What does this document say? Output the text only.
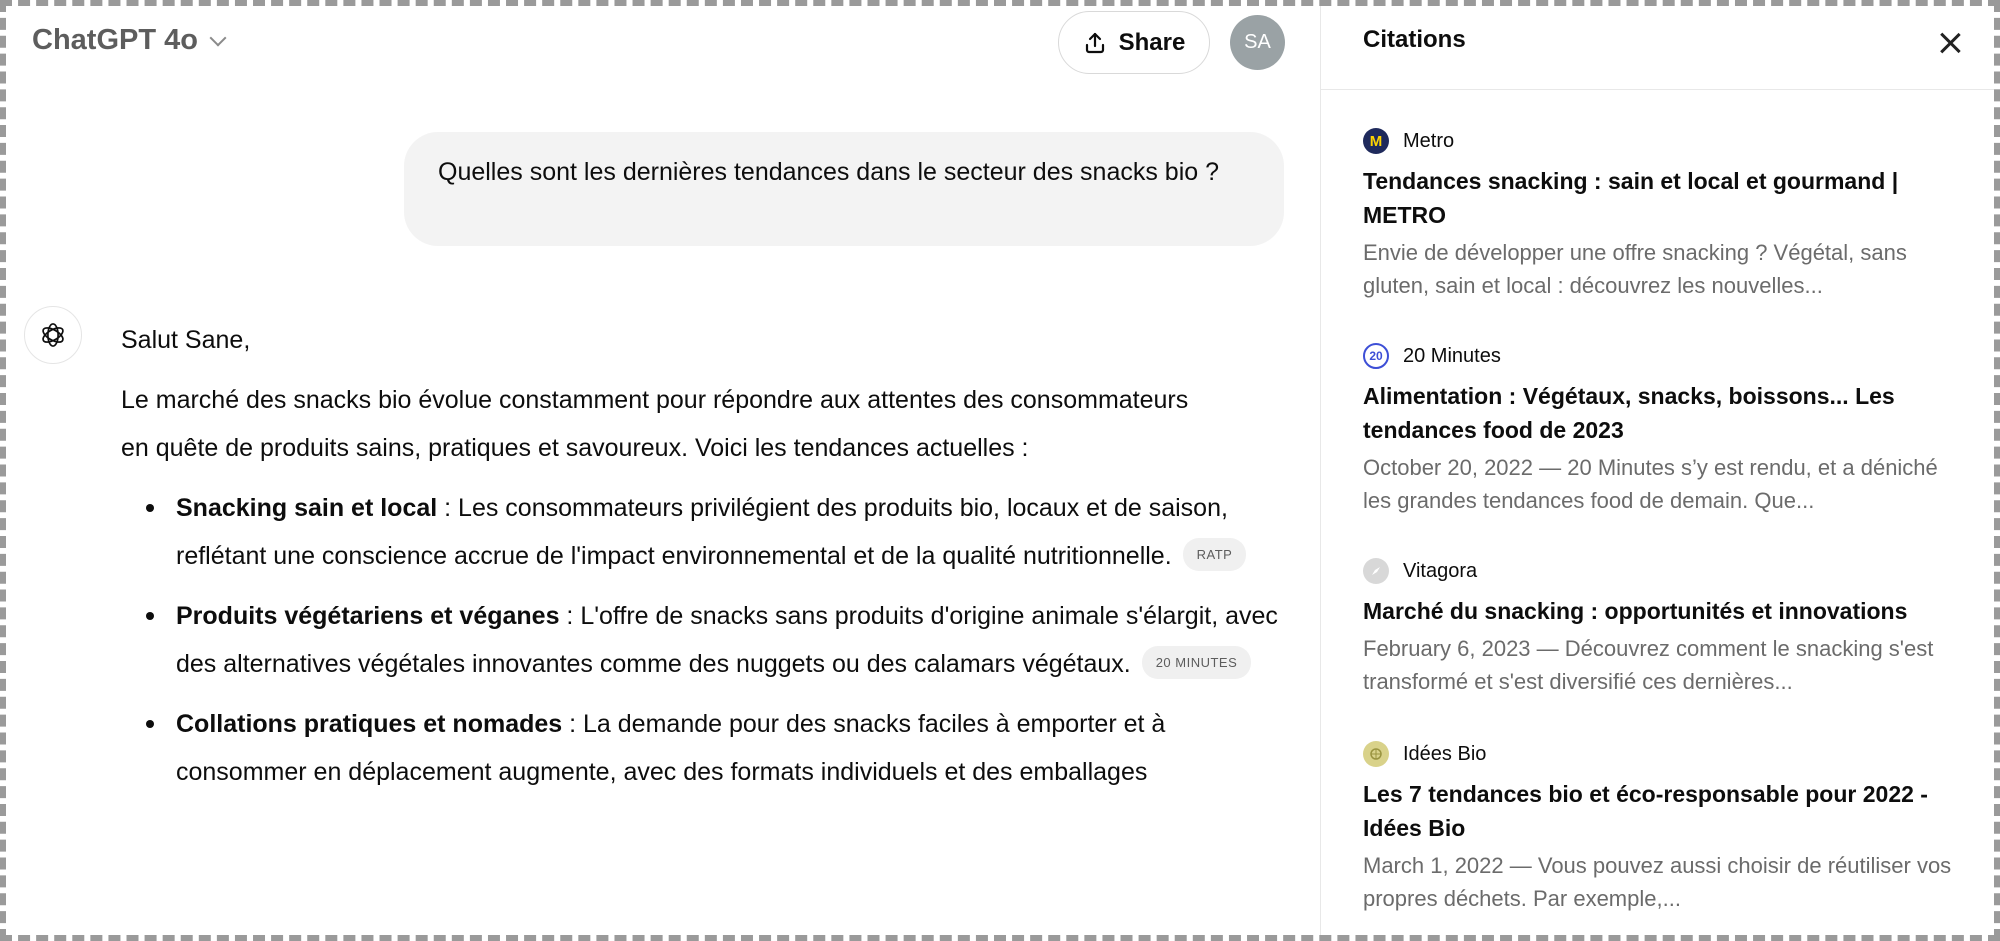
ChatGPT 4o	Share	SA
Quelles sont les dernières tendances dans le secteur des snacks bio ?

Salut Sane,

Le marché des snacks bio évolue constamment pour répondre aux attentes des consommateurs en quête de produits sains, pratiques et savoureux. Voici les tendances actuelles :

Snacking sain et local : Les consommateurs privilégient des produits bio, locaux et de saison, reflétant une conscience accrue de l'impact environnemental et de la qualité nutritionnelle. RATP
Produits végétariens et véganes : L'offre de snacks sans produits d'origine animale s'élargit, avec des alternatives végétales innovantes comme des nuggets ou des calamars végétaux. 20 MINUTES
Collations pratiques et nomades : La demande pour des snacks faciles à emporter et à consommer en déplacement augmente, avec des formats individuels et des emballages
Citations
M	Metro
Tendances snacking : sain et local et gourmand | METRO
Envie de développer une offre snacking ? Végétal, sans gluten, sain et local : découvrez les nouvelles...
20	20 Minutes
Alimentation : Végétaux, snacks, boissons... Les tendances food de 2023
October 20, 2022 — 20 Minutes s’y est rendu, et a déniché les grandes tendances food de demain. Que...
Vitagora
Marché du snacking : opportunités et innovations
February 6, 2023 — Découvrez comment le snacking s'est transformé et s'est diversifié ces dernières...
Idées Bio
Les 7 tendances bio et éco-responsable pour 2022 - Idées Bio
March 1, 2022 — Vous pouvez aussi choisir de réutiliser vos propres déchets. Par exemple,...
